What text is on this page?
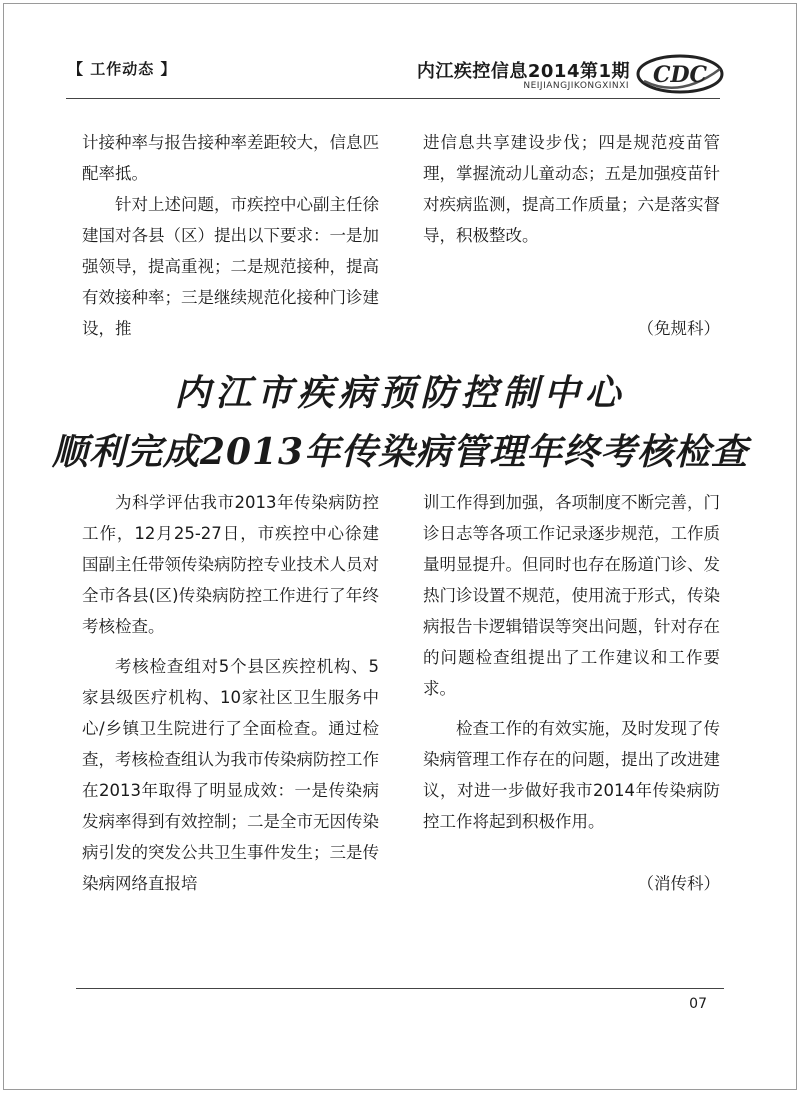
【 工作动态 】	内江疾控信息2014第1期
NEIJIANGJIKONGXINXI CDC

计接种率与报告接种率差距较大，信息匹配率抵。

针对上述问题，市疾控中心副主任徐建国对各县（区）提出以下要求：一是加强领导，提高重视；二是规范接种，提高有效接种率；三是继续规范化接种门诊建设，推

进信息共享建设步伐；四是规范疫苗管理，掌握流动儿童动态；五是加强疫苗针对疾病监测，提高工作质量；六是落实督导，积极整改。

（免规科）

内江市疾病预防控制中心
顺利完成2013年传染病管理年终考核检查

为科学评估我市2013年传染病防控工作，12月25-27日，市疾控中心徐建国副主任带领传染病防控专业技术人员对全市各县(区)传染病防控工作进行了年终考核检查。

考核检查组对5个县区疾控机构、5家县级医疗机构、10家社区卫生服务中心/乡镇卫生院进行了全面检查。通过检查，考核检查组认为我市传染病防控工作在2013年取得了明显成效：一是传染病发病率得到有效控制；二是全市无因传染病引发的突发公共卫生事件发生；三是传染病网络直报培

训工作得到加强，各项制度不断完善，门诊日志等各项工作记录逐步规范，工作质量明显提升。但同时也存在肠道门诊、发热门诊设置不规范，使用流于形式，传染病报告卡逻辑错误等突出问题，针对存在的问题检查组提出了工作建议和工作要求。

检查工作的有效实施，及时发现了传染病管理工作存在的问题，提出了改进建议，对进一步做好我市2014年传染病防控工作将起到积极作用。

（消传科）

07
